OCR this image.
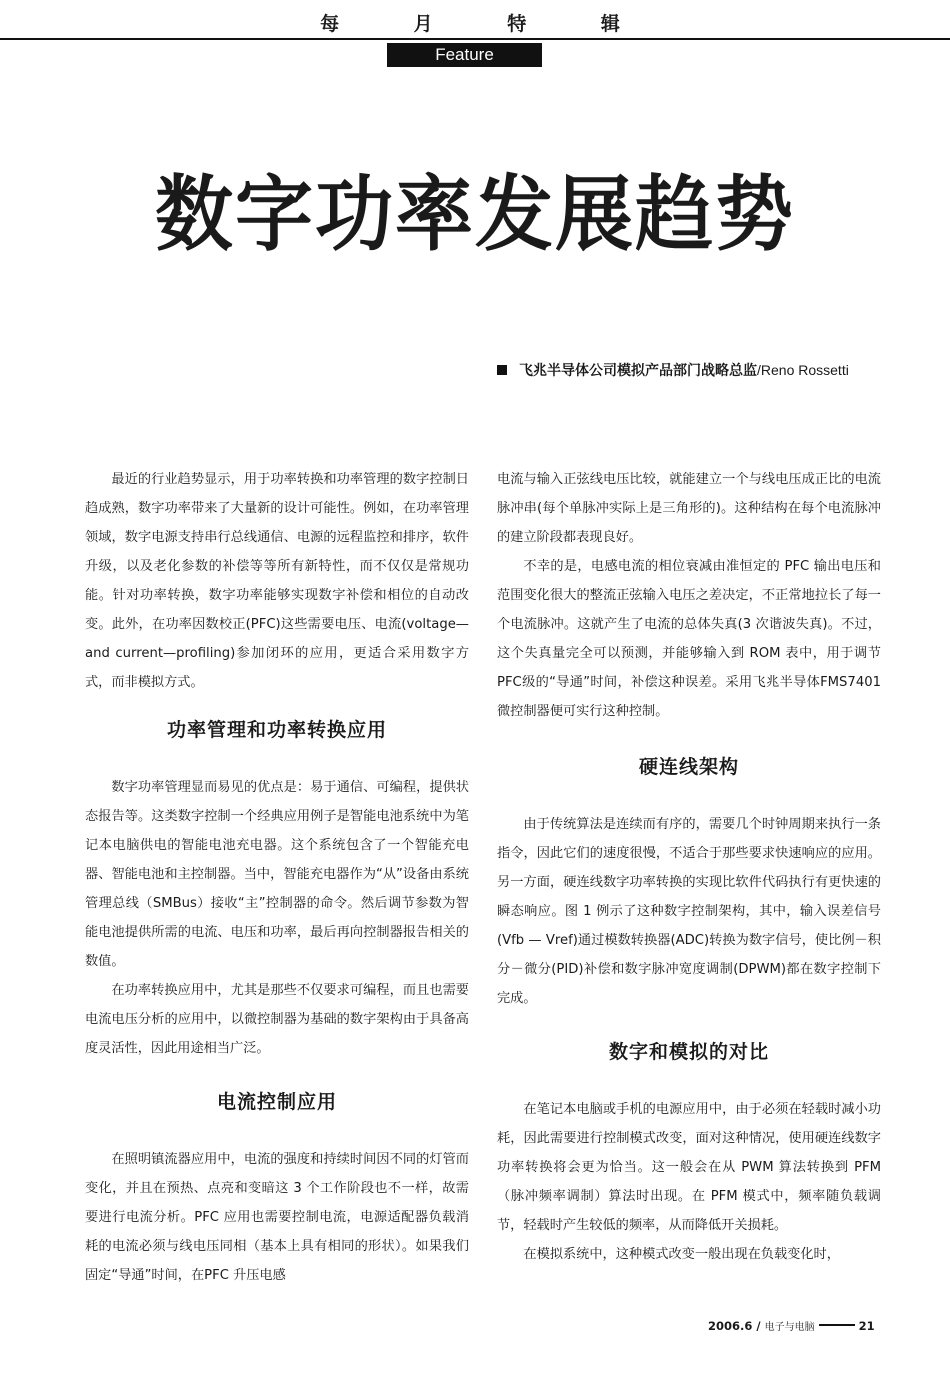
每 月 特 辑
Feature
数字功率发展趋势
飞兆半导体公司模拟产品部门战略总监/Reno Rossetti

最近的行业趋势显示，用于功率转换和功率管理的数字控制日趋成熟，数字功率带来了大量新的设计可能性。例如，在功率管理领域，数字电源支持串行总线通信、电源的远程监控和排序，软件升级，以及老化参数的补偿等等所有新特性，而不仅仅是常规功能。针对功率转换，数字功率能够实现数字补偿和相位的自动改变。此外，在功率因数校正(PFC)这些需要电压、电流(voltage—and current—profiling)参加闭环的应用，更适合采用数字方式，而非模拟方式。

功率管理和功率转换应用

数字功率管理显而易见的优点是：易于通信、可编程，提供状态报告等。这类数字控制一个经典应用例子是智能电池系统中为笔记本电脑供电的智能电池充电器。这个系统包含了一个智能充电器、智能电池和主控制器。当中，智能充电器作为“从”设备由系统管理总线（SMBus）接收“主”控制器的命令。然后调节参数为智能电池提供所需的电流、电压和功率，最后再向控制器报告相关的数值。

在功率转换应用中，尤其是那些不仅要求可编程，而且也需要电流电压分析的应用中，以微控制器为基础的数字架构由于具备高度灵活性，因此用途相当广泛。

电流控制应用

在照明镇流器应用中，电流的强度和持续时间因不同的灯管而变化，并且在预热、点亮和变暗这 3 个工作阶段也不一样，故需要进行电流分析。PFC 应用也需要控制电流，电源适配器负载消耗的电流必须与线电压同相（基本上具有相同的形状）。如果我们固定“导通”时间，在PFC 升压电感

电流与输入正弦线电压比较，就能建立一个与线电压成正比的电流脉冲串(每个单脉冲实际上是三角形的)。这种结构在每个电流脉冲的建立阶段都表现良好。

不幸的是，电感电流的相位衰减由准恒定的 PFC 输出电压和范围变化很大的整流正弦输入电压之差决定，不正常地拉长了每一个电流脉冲。这就产生了电流的总体失真(3 次谐波失真)。不过，这个失真量完全可以预测，并能够输入到 ROM 表中，用于调节PFC级的“导通”时间，补偿这种误差。采用飞兆半导体FMS7401 微控制器便可实行这种控制。

硬连线架构

由于传统算法是连续而有序的，需要几个时钟周期来执行一条指令，因此它们的速度很慢，不适合于那些要求快速响应的应用。另一方面，硬连线数字功率转换的实现比软件代码执行有更快速的瞬态响应。图 1 例示了这种数字控制架构，其中，输入误差信号(Vfb — Vref)通过模数转换器(ADC)转换为数字信号，使比例－积分－微分(PID)补偿和数字脉冲宽度调制(DPWM)都在数字控制下完成。

数字和模拟的对比

在笔记本电脑或手机的电源应用中，由于必须在轻载时减小功耗，因此需要进行控制模式改变，面对这种情况，使用硬连线数字功率转换将会更为恰当。这一般会在从 PWM 算法转换到 PFM（脉冲频率调制）算法时出现。在 PFM 模式中，频率随负载调节，轻载时产生较低的频率，从而降低开关损耗。

在模拟系统中，这种模式改变一般出现在负载变化时，

2006.6 / 电子与电脑	21
